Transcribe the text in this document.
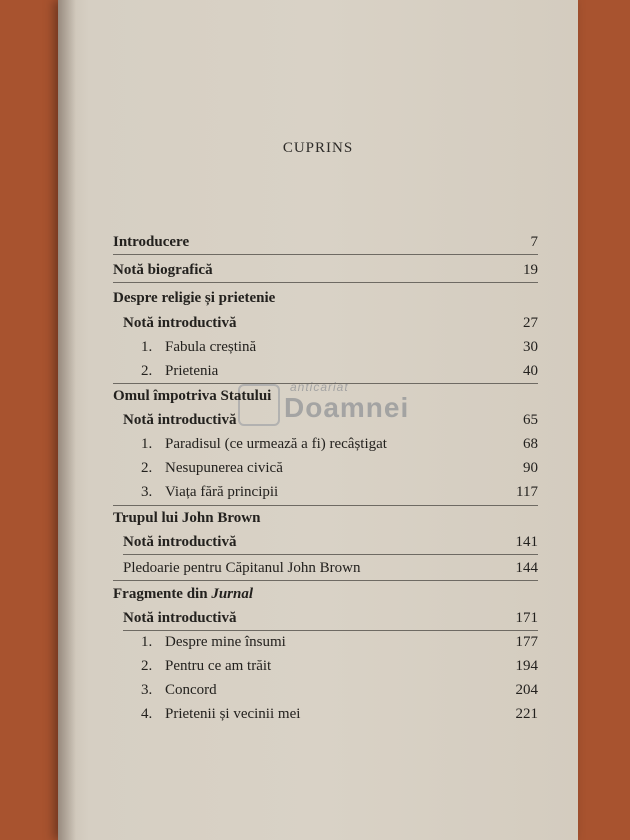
CUPRINS
anticariat
Doamnei
Introducere	7
Notă biografică	19
Despre religie și prietenie
Notă introductivă	27
1. Fabula creștină	30
2. Prietenia	40
Omul împotriva Statului
Notă introductivă	65
1. Paradisul (ce urmează a fi) recâștigat	68
2. Nesupunerea civică	90
3. Viața fără principii	117
Trupul lui John Brown
Notă introductivă	141
Pledoarie pentru Căpitanul John Brown	144
Fragmente din Jurnal
Notă introductivă	171
1. Despre mine însumi	177
2. Pentru ce am trăit	194
3. Concord	204
4. Prietenii și vecinii mei	221
